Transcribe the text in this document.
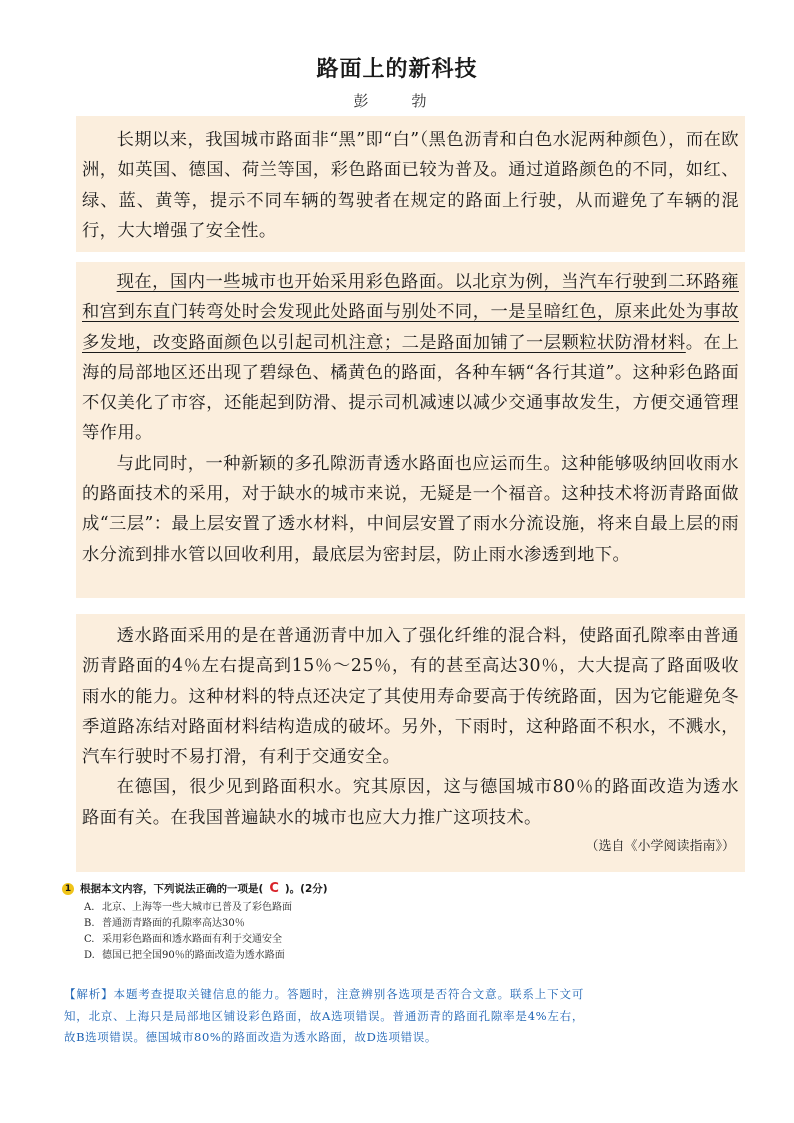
路面上的新科技
彭　勃

长期以来，我国城市路面非“黑”即“白”（黑色沥青和白色水泥两种颜色），而在欧洲，如英国、德国、荷兰等国，彩色路面已较为普及。通过道路颜色的不同，如红、绿、蓝、黄等，提示不同车辆的驾驶者在规定的路面上行驶，从而避免了车辆的混行，大大增强了安全性。

现在，国内一些城市也开始采用彩色路面。以北京为例，当汽车行驶到二环路雍和宫到东直门转弯处时会发现此处路面与别处不同，一是呈暗红色，原来此处为事故多发地，改变路面颜色以引起司机注意；二是路面加铺了一层颗粒状防滑材料。在上海的局部地区还出现了碧绿色、橘黄色的路面，各种车辆“各行其道”。这种彩色路面不仅美化了市容，还能起到防滑、提示司机减速以减少交通事故发生，方便交通管理等作用。

与此同时，一种新颖的多孔隙沥青透水路面也应运而生。这种能够吸纳回收雨水的路面技术的采用，对于缺水的城市来说，无疑是一个福音。这种技术将沥青路面做成“三层”：最上层安置了透水材料，中间层安置了雨水分流设施，将来自最上层的雨水分流到排水管以回收利用，最底层为密封层，防止雨水渗透到地下。

透水路面采用的是在普通沥青中加入了强化纤维的混合料，使路面孔隙率由普通沥青路面的4％左右提高到15％～25％，有的甚至高达30％，大大提高了路面吸收雨水的能力。这种材料的特点还决定了其使用寿命要高于传统路面，因为它能避免冬季道路冻结对路面材料结构造成的破坏。另外，下雨时，这种路面不积水，不溅水，汽车行驶时不易打滑，有利于交通安全。

在德国，很少见到路面积水。究其原因，这与德国城市80％的路面改造为透水路面有关。在我国普遍缺水的城市也应大力推广这项技术。

（选自《小学阅读指南》）

1 根据本文内容，下列说法正确的一项是( C )。(2分)
A. 北京、上海等一些大城市已普及了彩色路面
B. 普通沥青路面的孔隙率高达30％
C. 采用彩色路面和透水路面有利于交通安全
D. 德国已把全国90％的路面改造为透水路面
【解析】本题考查提取关键信息的能力。答题时，注意辨别各选项是否符合文意。联系上下文可知，北京、上海只是局部地区铺设彩色路面，故A选项错误。普通沥青的路面孔隙率是4%左右，故B选项错误。德国城市80%的路面改造为透水路面，故D选项错误。
